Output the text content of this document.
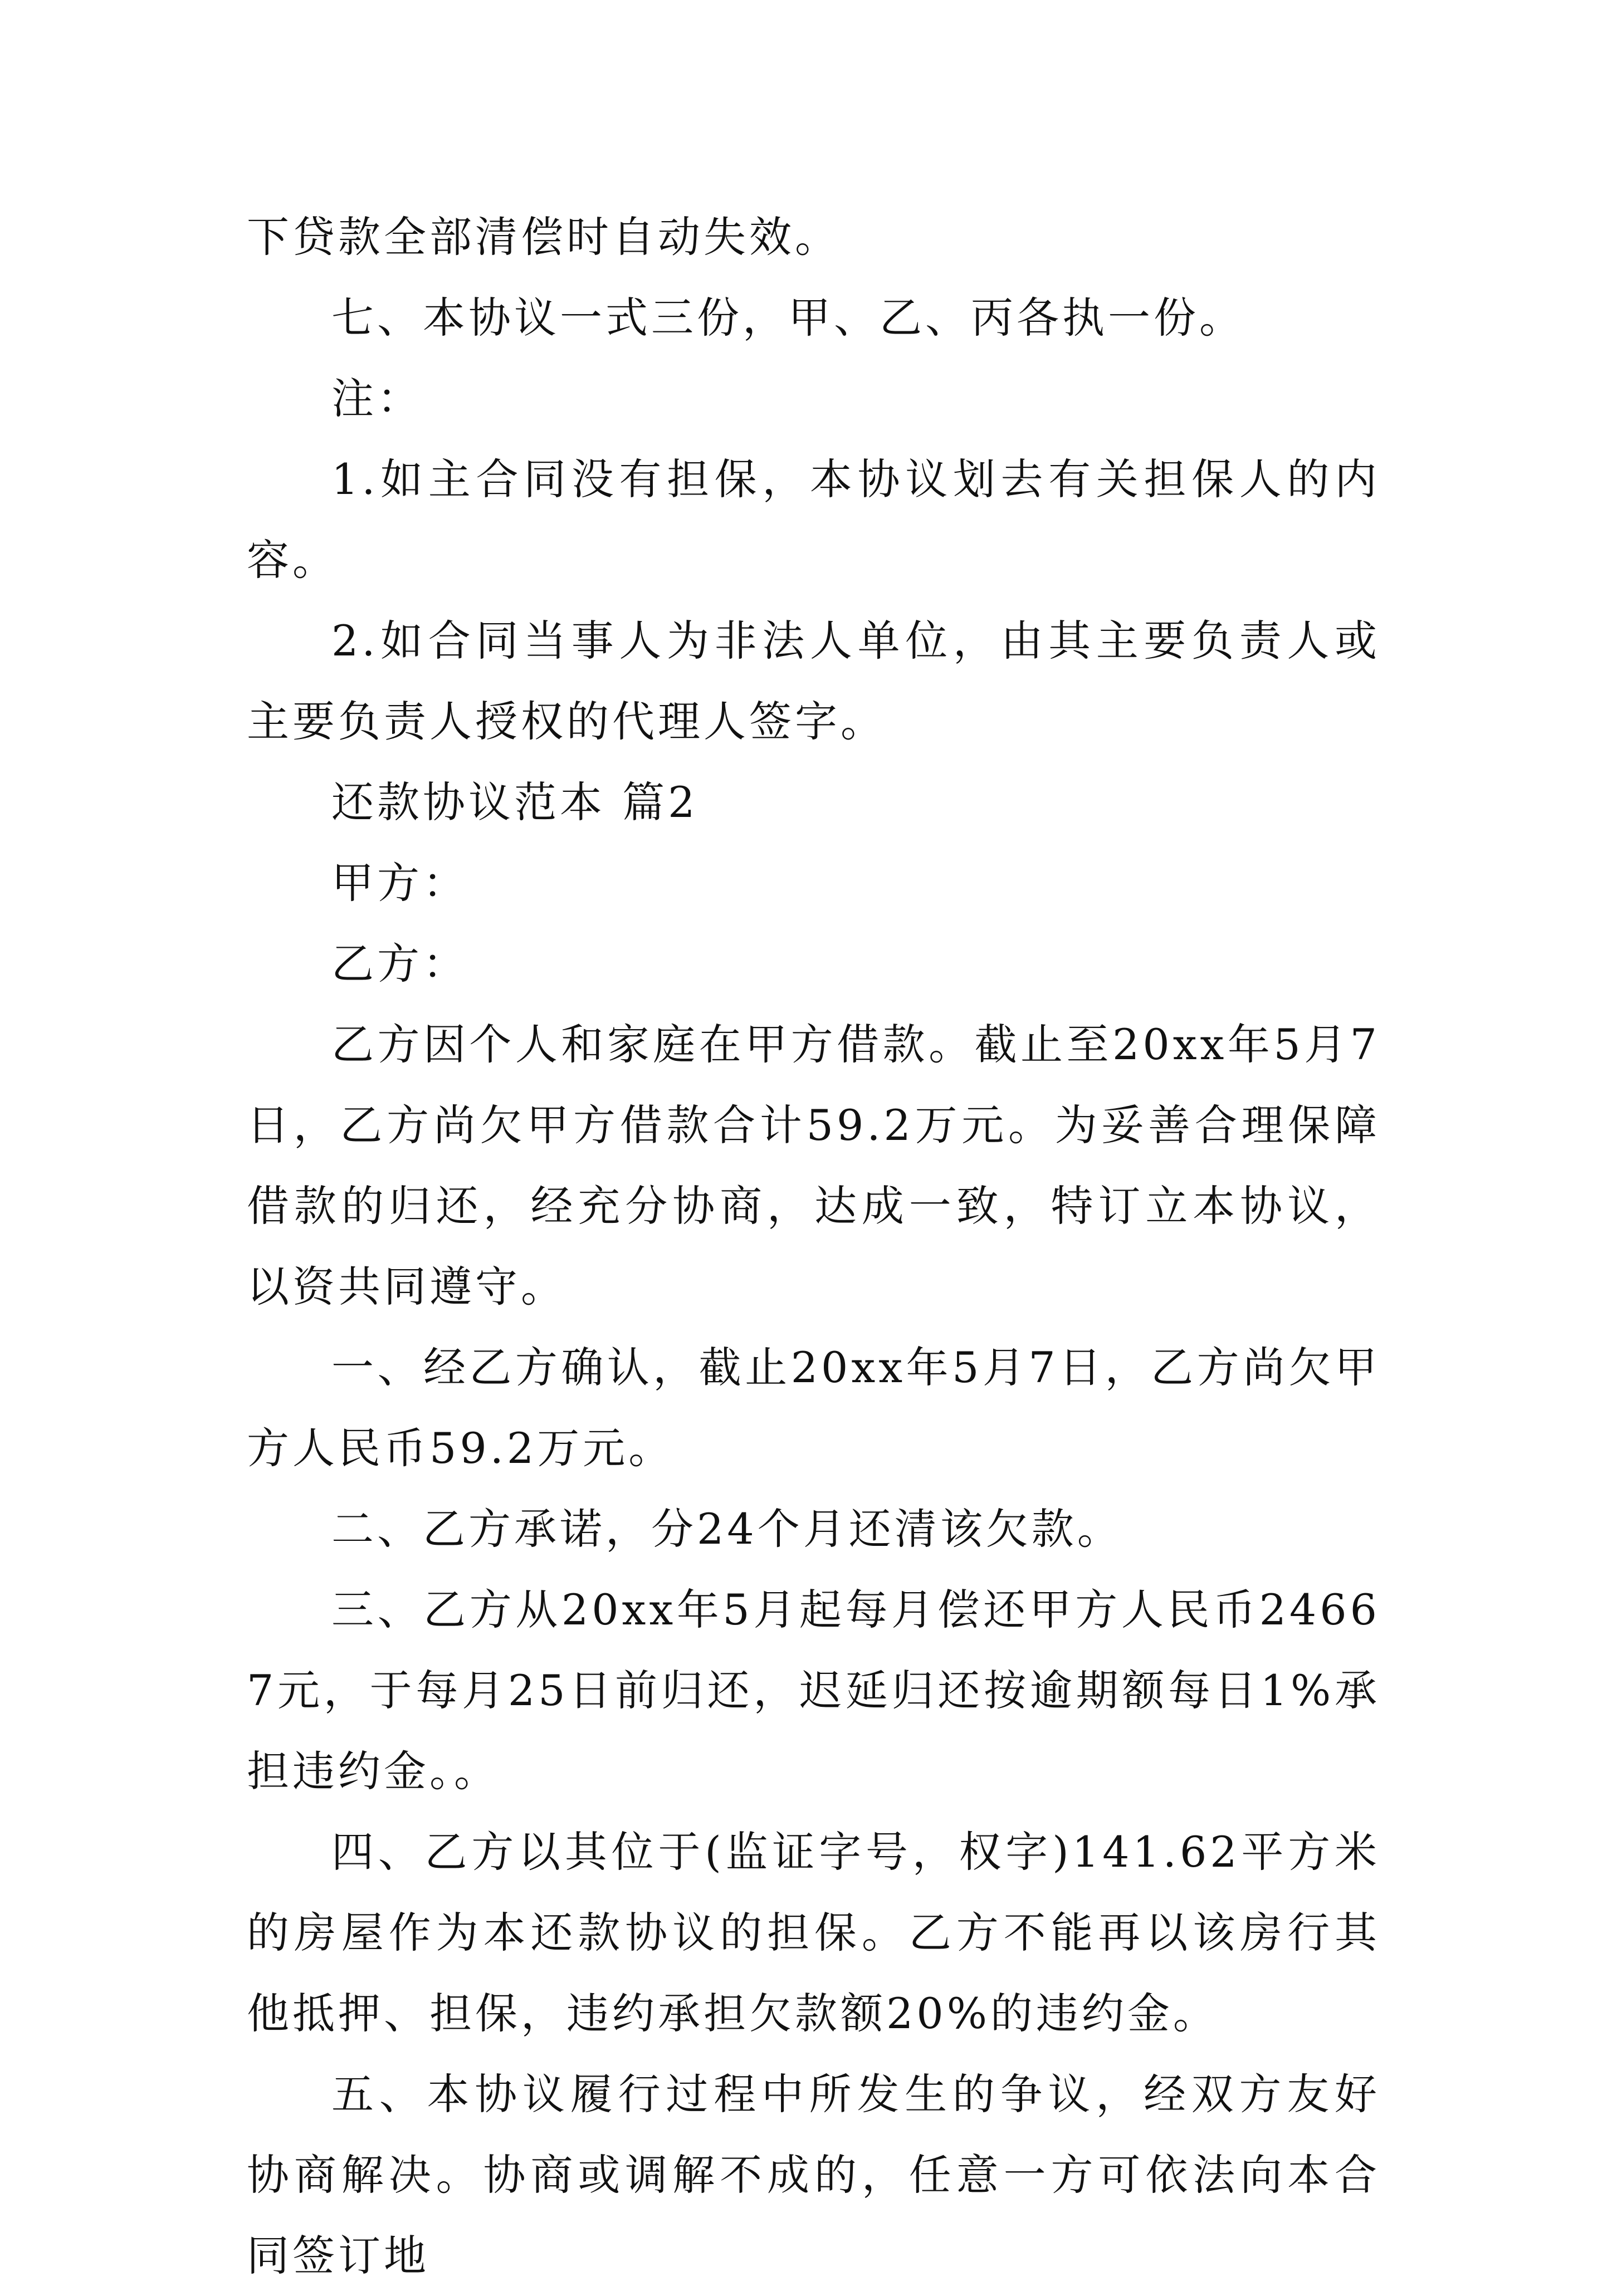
下贷款全部清偿时自动失效。

七、本协议一式三份，甲、乙、丙各执一份。

注：

1.如主合同没有担保，本协议划去有关担保人的内容。

2.如合同当事人为非法人单位，由其主要负责人或主要负责人授权的代理人签字。

还款协议范本 篇2

甲方：

乙方：

乙方因个人和家庭在甲方借款。截止至20xx年5月7日，乙方尚欠甲方借款合计59.2万元。为妥善合理保障借款的归还，经充分协商，达成一致，特订立本协议，以资共同遵守。

一、经乙方确认，截止20xx年5月7日，乙方尚欠甲方人民币59.2万元。

二、乙方承诺，分24个月还清该欠款。

三、乙方从20xx年5月起每月偿还甲方人民币24667元，于每月25日前归还，迟延归还按逾期额每日1%承担违约金。。

四、乙方以其位于(监证字号，权字)141.62平方米的房屋作为本还款协议的担保。乙方不能再以该房行其他抵押、担保，违约承担欠款额20%的违约金。

五、本协议履行过程中所发生的争议，经双方友好协商解决。协商或调解不成的，任意一方可依法向本合同签订地
